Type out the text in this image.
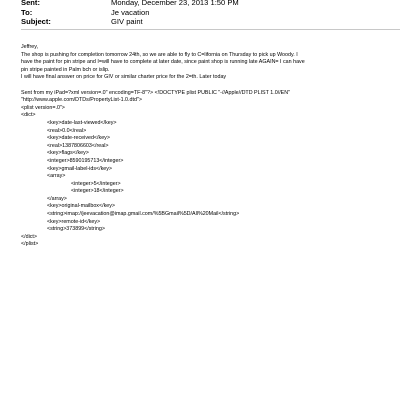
Sent:	Monday, December 23, 2013 1:50 PM
To:	Je vacation
Subject:	GIV paint
Jeffrey,
The shop is pushing for completion tomorrow 24th, so we are able to fly to C=lifornia on Thursday to pick up Woody. I
have the paint for pin stripe and I=will have to complete at later date, since paint shop is running late AGAIN= I can have
pin stripe painted in Palm bch or islip.
I will have final answer on price for GIV or similar charter price for the 2=th. Later today
Sent from my iPad=?xml version=.0" encoding=TF-8"?> <!DOCTYPE plist PUBLIC "-//Apple//DTD PLIST 1.0//EN"
"http://www.apple.com/DTDs/PropertyList-1.0.dtd">
<plist version=.0">
<dict>
<key>date-last-viewed</key>
<real>0.0</real>
<key>date-received</key>
<real>1387806603</real>
<key>flags</key>
<integer>8590195713</integer>
<key>gmail-label-ids</key>
<array>
<integer>5</integer>
<integer>18</integer>
</array>
<key>original-mailbox</key>
<string>imap://jeevacation@imap.gmail.com/%5BGmail%5D/All%20Mail</string>
<key>remote-id</key>
<string>373899</string>
</dict>
</plist>
